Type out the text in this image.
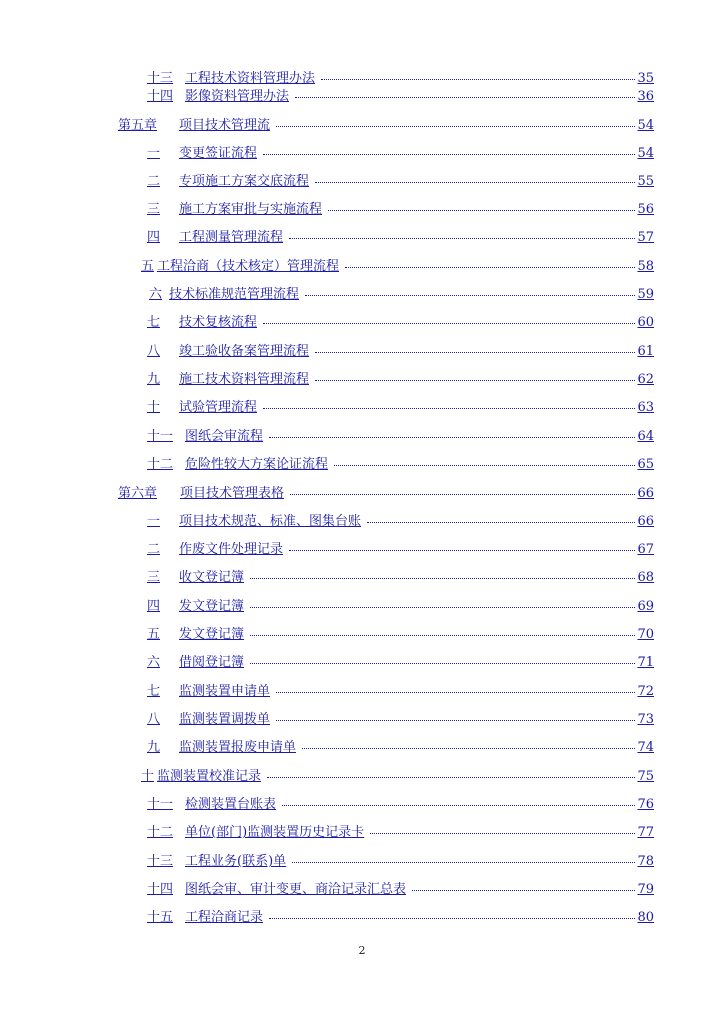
十三 工程技术资料管理办法	35
十四 影像资料管理办法	36
第五章 项目技术管理流	54
一	变更签证流程	54
二	专项施工方案交底流程	55
三	施工方案审批与实施流程	56
四	工程测量管理流程	57
五 工程洽商（技术核定）管理流程	58
六 技术标准规范管理流程	59
七	技术复核流程	60
八	竣工验收备案管理流程	61
九	施工技术资料管理流程	62
十	试验管理流程	63
十一 图纸会审流程	64
十二 危险性较大方案论证流程	65
第六章	项目技术管理表格	66
一	项目技术规范、标准、图集台账	66
二	作废文件处理记录	67
三	收文登记簿	68
四	发文登记簿	69
五	发文登记簿	70
六	借阅登记簿	71
七	监测装置申请单	72
八	监测装置调拨单	73
九	监测装置报废申请单	74
十 监测装置校准记录	75
十一 检测装置台账表	76
十二 单位(部门)监测装置历史记录卡	77
十三 工程业务(联系)单	78
十四 图纸会审、审计变更、商洽记录汇总表	79
十五 工程洽商记录	80
2
